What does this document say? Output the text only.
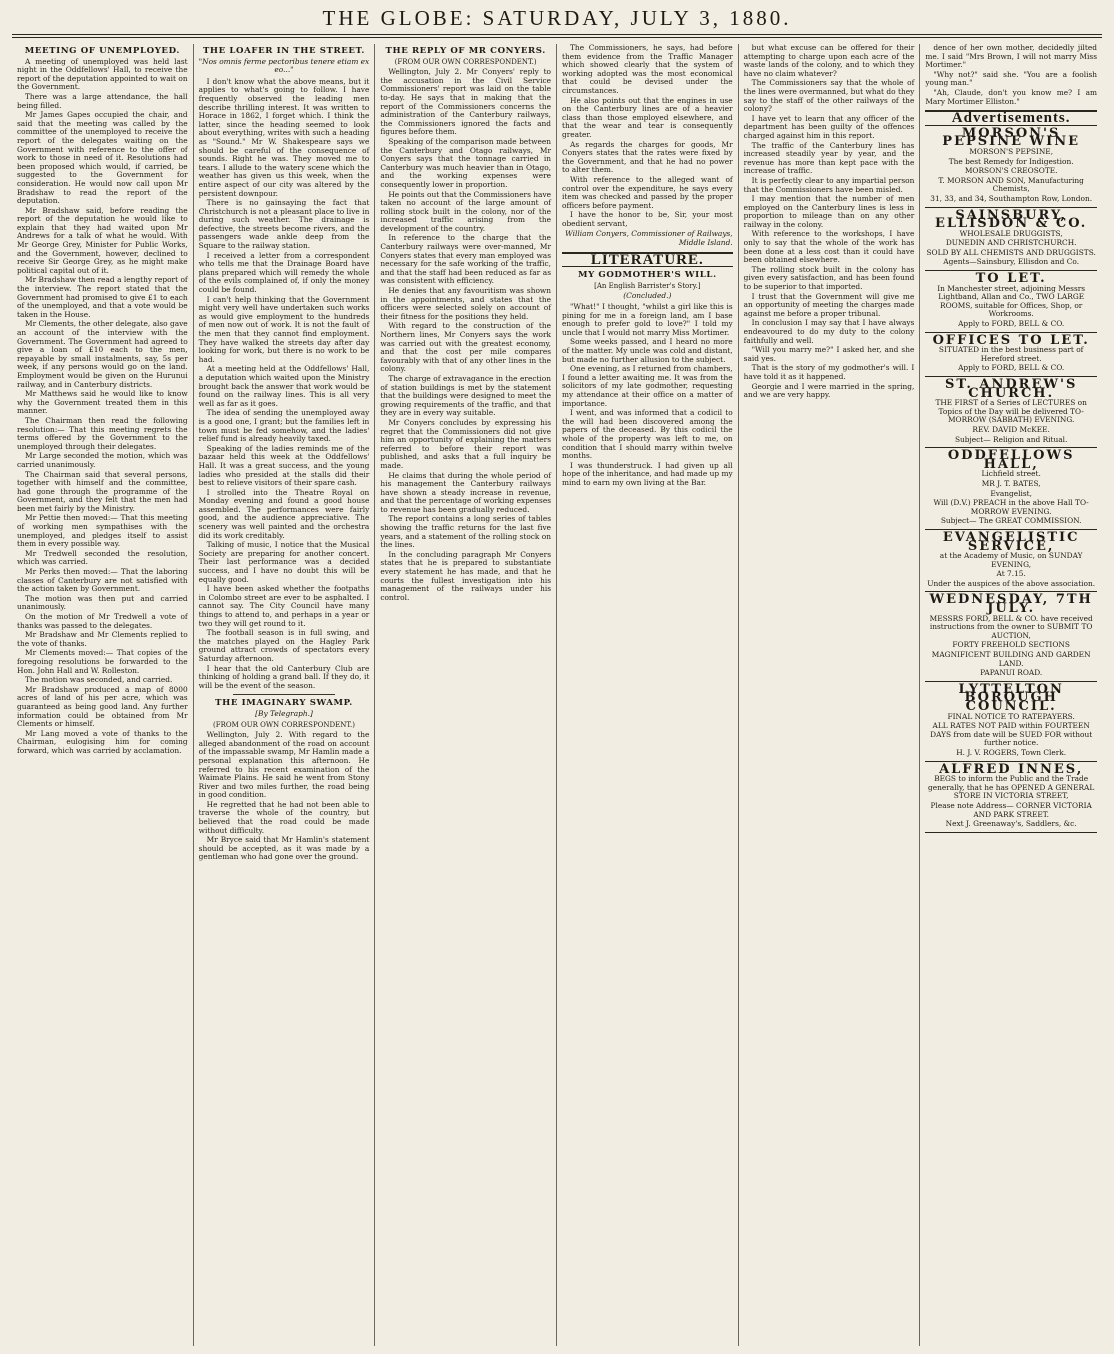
THE GLOBE: SATURDAY, JULY 3, 1880.
MEETING OF UNEMPLOYED.

A meeting of unemployed was held last night in the Oddfellows' Hall, to receive the report of the deputation appointed to wait on the Government.

There was a large attendance, the hall being filled.

Mr James Gapes occupied the chair, and said that the meeting was called by the committee of the unemployed to receive the report of the delegates waiting on the Government with reference to the offer of work to those in need of it. Resolutions had been proposed which would, if carried, be suggested to the Government for consideration. He would now call upon Mr Bradshaw to read the report of the deputation.

Mr Bradshaw said, before reading the report of the deputation he would like to explain that they had waited upon Mr Andrews for a talk of what he would. With Mr George Grey, Minister for Public Works, and the Government, however, declined to receive Sir George Grey, as he might make political capital out of it.

Mr Bradshaw then read a lengthy report of the interview. The report stated that the Government had promised to give £1 to each of the unemployed, and that a vote would be taken in the House.

Mr Clements, the other delegate, also gave an account of the interview with the Government. The Government had agreed to give a loan of £10 each to the men, repayable by small instalments, say, 5s per week, if any persons would go on the land. Employment would be given on the Hurunui railway, and in Canterbury districts.

Mr Matthews said he would like to know why the Government treated them in this manner.

The Chairman then read the following resolution:— That this meeting regrets the terms offered by the Government to the unemployed through their delegates.

Mr Large seconded the motion, which was carried unanimously.

The Chairman said that several persons, together with himself and the committee, had gone through the programme of the Government, and they felt that the men had been met fairly by the Ministry.

Mr Pettie then moved:— That this meeting of working men sympathises with the unemployed, and pledges itself to assist them in every possible way.

Mr Tredwell seconded the resolution, which was carried.

Mr Perks then moved:— That the laboring classes of Canterbury are not satisfied with the action taken by Government.

The motion was then put and carried unanimously.

On the motion of Mr Tredwell a vote of thanks was passed to the delegates.

Mr Bradshaw and Mr Clements replied to the vote of thanks.

Mr Clements moved:— That copies of the foregoing resolutions be forwarded to the Hon. John Hall and W. Rolleston.

The motion was seconded, and carried.

Mr Bradshaw produced a map of 8000 acres of land of his per acre, which was guaranteed as being good land. Any further information could be obtained from Mr Clements or himself.

Mr Lang moved a vote of thanks to the Chairman, eulogising him for coming forward, which was carried by acclamation.

THE LOAFER IN THE STREET.
"Nos omnis ferme pectoribus tenere etiam ex eo..."

I don't know what the above means, but it applies to what's going to follow. I have frequently observed the leading men describe thrilling interest. It was written to Horace in 1862, I forget which. I think the latter, since the heading seemed to look about everything, writes with such a heading as "Sound." Mr W. Shakespeare says we should be careful of the consequence of sounds. Right he was. They moved me to tears. I allude to the watery scene which the weather has given us this week, when the entire aspect of our city was altered by the persistent downpour.

There is no gainsaying the fact that Christchurch is not a pleasant place to live in during such weather. The drainage is defective, the streets become rivers, and the passengers wade ankle deep from the Square to the railway station.

I received a letter from a correspondent who tells me that the Drainage Board have plans prepared which will remedy the whole of the evils complained of, if only the money could be found.

I can't help thinking that the Government might very well have undertaken such works as would give employment to the hundreds of men now out of work. It is not the fault of the men that they cannot find employment. They have walked the streets day after day looking for work, but there is no work to be had.

At a meeting held at the Oddfellows' Hall, a deputation which waited upon the Ministry brought back the answer that work would be found on the railway lines. This is all very well as far as it goes.

The idea of sending the unemployed away is a good one, I grant; but the families left in town must be fed somehow, and the ladies' relief fund is already heavily taxed.

Speaking of the ladies reminds me of the bazaar held this week at the Oddfellows' Hall. It was a great success, and the young ladies who presided at the stalls did their best to relieve visitors of their spare cash.

I strolled into the Theatre Royal on Monday evening and found a good house assembled. The performances were fairly good, and the audience appreciative. The scenery was well painted and the orchestra did its work creditably.

Talking of music, I notice that the Musical Society are preparing for another concert. Their last performance was a decided success, and I have no doubt this will be equally good.

I have been asked whether the footpaths in Colombo street are ever to be asphalted. I cannot say. The City Council have many things to attend to, and perhaps in a year or two they will get round to it.

The football season is in full swing, and the matches played on the Hagley Park ground attract crowds of spectators every Saturday afternoon.

I hear that the old Canterbury Club are thinking of holding a grand ball. If they do, it will be the event of the season.

THE IMAGINARY SWAMP.
[By Telegraph.]
(FROM OUR OWN CORRESPONDENT.)

Wellington, July 2. With regard to the alleged abandonment of the road on account of the impassable swamp, Mr Hamlin made a personal explanation this afternoon. He referred to his recent examination of the Waimate Plains. He said he went from Stony River and two miles further, the road being in good condition.

He regretted that he had not been able to traverse the whole of the country, but believed that the road could be made without difficulty.

Mr Bryce said that Mr Hamlin's statement should be accepted, as it was made by a gentleman who had gone over the ground.

THE REPLY OF MR CONYERS.
(FROM OUR OWN CORRESPONDENT.)

Wellington, July 2. Mr Conyers' reply to the accusation in the Civil Service Commissioners' report was laid on the table to-day. He says that in making that the report of the Commissioners concerns the administration of the Canterbury railways, the Commissioners ignored the facts and figures before them.

Speaking of the comparison made between the Canterbury and Otago railways, Mr Conyers says that the tonnage carried in Canterbury was much heavier than in Otago, and the working expenses were consequently lower in proportion.

He points out that the Commissioners have taken no account of the large amount of rolling stock built in the colony, nor of the increased traffic arising from the development of the country.

In reference to the charge that the Canterbury railways were over-manned, Mr Conyers states that every man employed was necessary for the safe working of the traffic, and that the staff had been reduced as far as was consistent with efficiency.

He denies that any favouritism was shown in the appointments, and states that the officers were selected solely on account of their fitness for the positions they held.

With regard to the construction of the Northern lines, Mr Conyers says the work was carried out with the greatest economy, and that the cost per mile compares favourably with that of any other lines in the colony.

The charge of extravagance in the erection of station buildings is met by the statement that the buildings were designed to meet the growing requirements of the traffic, and that they are in every way suitable.

Mr Conyers concludes by expressing his regret that the Commissioners did not give him an opportunity of explaining the matters referred to before their report was published, and asks that a full inquiry be made.

He claims that during the whole period of his management the Canterbury railways have shown a steady increase in revenue, and that the percentage of working expenses to revenue has been gradually reduced.

The report contains a long series of tables showing the traffic returns for the last five years, and a statement of the rolling stock on the lines.

In the concluding paragraph Mr Conyers states that he is prepared to substantiate every statement he has made, and that he courts the fullest investigation into his management of the railways under his control.

The Commissioners, he says, had before them evidence from the Traffic Manager which showed clearly that the system of working adopted was the most economical that could be devised under the circumstances.

He also points out that the engines in use on the Canterbury lines are of a heavier class than those employed elsewhere, and that the wear and tear is consequently greater.

As regards the charges for goods, Mr Conyers states that the rates were fixed by the Government, and that he had no power to alter them.

With reference to the alleged want of control over the expenditure, he says every item was checked and passed by the proper officers before payment.

I have the honor to be, Sir, your most obedient servant,

William Conyers, Commissioner of Railways, Middle Island.
LITERATURE.
MY GODMOTHER'S WILL.
[An English Barrister's Story.]
(Concluded.)

"What!" I thought, "whilst a girl like this is pining for me in a foreign land, am I base enough to prefer gold to love?" I told my uncle that I would not marry Miss Mortimer.

Some weeks passed, and I heard no more of the matter. My uncle was cold and distant, but made no further allusion to the subject.

One evening, as I returned from chambers, I found a letter awaiting me. It was from the solicitors of my late godmother, requesting my attendance at their office on a matter of importance.

I went, and was informed that a codicil to the will had been discovered among the papers of the deceased. By this codicil the whole of the property was left to me, on condition that I should marry within twelve months.

I was thunderstruck. I had given up all hope of the inheritance, and had made up my mind to earn my own living at the Bar.

but what excuse can be offered for their attempting to charge upon each acre of the waste lands of the colony, and to which they have no claim whatever?

The Commissioners say that the whole of the lines were overmanned, but what do they say to the staff of the other railways of the colony?

I have yet to learn that any officer of the department has been guilty of the offences charged against him in this report.

The traffic of the Canterbury lines has increased steadily year by year, and the revenue has more than kept pace with the increase of traffic.

It is perfectly clear to any impartial person that the Commissioners have been misled.

I may mention that the number of men employed on the Canterbury lines is less in proportion to mileage than on any other railway in the colony.

With reference to the workshops, I have only to say that the whole of the work has been done at a less cost than it could have been obtained elsewhere.

The rolling stock built in the colony has given every satisfaction, and has been found to be superior to that imported.

I trust that the Government will give me an opportunity of meeting the charges made against me before a proper tribunal.

In conclusion I may say that I have always endeavoured to do my duty to the colony faithfully and well.

"Will you marry me?" I asked her, and she said yes.

That is the story of my godmother's will. I have told it as it happened.

Georgie and I were married in the spring, and we are very happy.

dence of her own mother, decidedly jilted me. I said "Mrs Brown, I will not marry Miss Mortimer."

"Why not?" said she. "You are a foolish young man."

"Ah, Claude, don't you know me? I am Mary Mortimer Elliston."

Advertisements.
MORSON'S PEPSINE WINE
MORSON'S PEPSINE,
The best Remedy for Indigestion.
MORSON'S CREOSOTE.
T. MORSON AND SON, Manufacturing Chemists,
31, 33, and 34, Southampton Row, London.
SAINSBURY, ELLISDON & CO.
WHOLESALE DRUGGISTS,
DUNEDIN AND CHRISTCHURCH.
SOLD BY ALL CHEMISTS AND DRUGGISTS.
Agents—Sainsbury, Ellisdon and Co.
TO LET.
In Manchester street, adjoining Messrs Lightband, Allan and Co., TWO LARGE ROOMS, suitable for Offices, Shop, or Workrooms.
Apply to FORD, BELL & CO.
OFFICES TO LET.
SITUATED in the best business part of Hereford street.
Apply to FORD, BELL & CO.
ST. ANDREW'S CHURCH.
THE FIRST of a Series of LECTURES on Topics of the Day will be delivered TO-MORROW (SABBATH) EVENING.
REV. DAVID McKEE.
Subject— Religion and Ritual.
ODDFELLOWS HALL,
Lichfield street.
MR J. T. BATES,
Evangelist,
Will (D.V.) PREACH in the above Hall TO-MORROW EVENING.
Subject— The GREAT COMMISSION.
EVANGELISTIC SERVICE,
at the Academy of Music, on SUNDAY EVENING,
At 7.15.
Under the auspices of the above association.
WEDNESDAY, 7TH JULY.
MESSRS FORD, BELL & CO. have received instructions from the owner to SUBMIT TO AUCTION,
FORTY FREEHOLD SECTIONS
MAGNIFICENT BUILDING AND GARDEN LAND.
PAPANUI ROAD.
LYTTELTON BOROUGH COUNCIL.
FINAL NOTICE TO RATEPAYERS.
ALL RATES NOT PAID within FOURTEEN DAYS from date will be SUED FOR without further notice.
H. J. V. ROGERS, Town Clerk.
ALFRED INNES,
BEGS to inform the Public and the Trade generally, that he has OPENED A GENERAL STORE IN VICTORIA STREET,
Please note Address— CORNER VICTORIA AND PARK STREET.
Next J. Greenaway's, Saddlers, &c.
